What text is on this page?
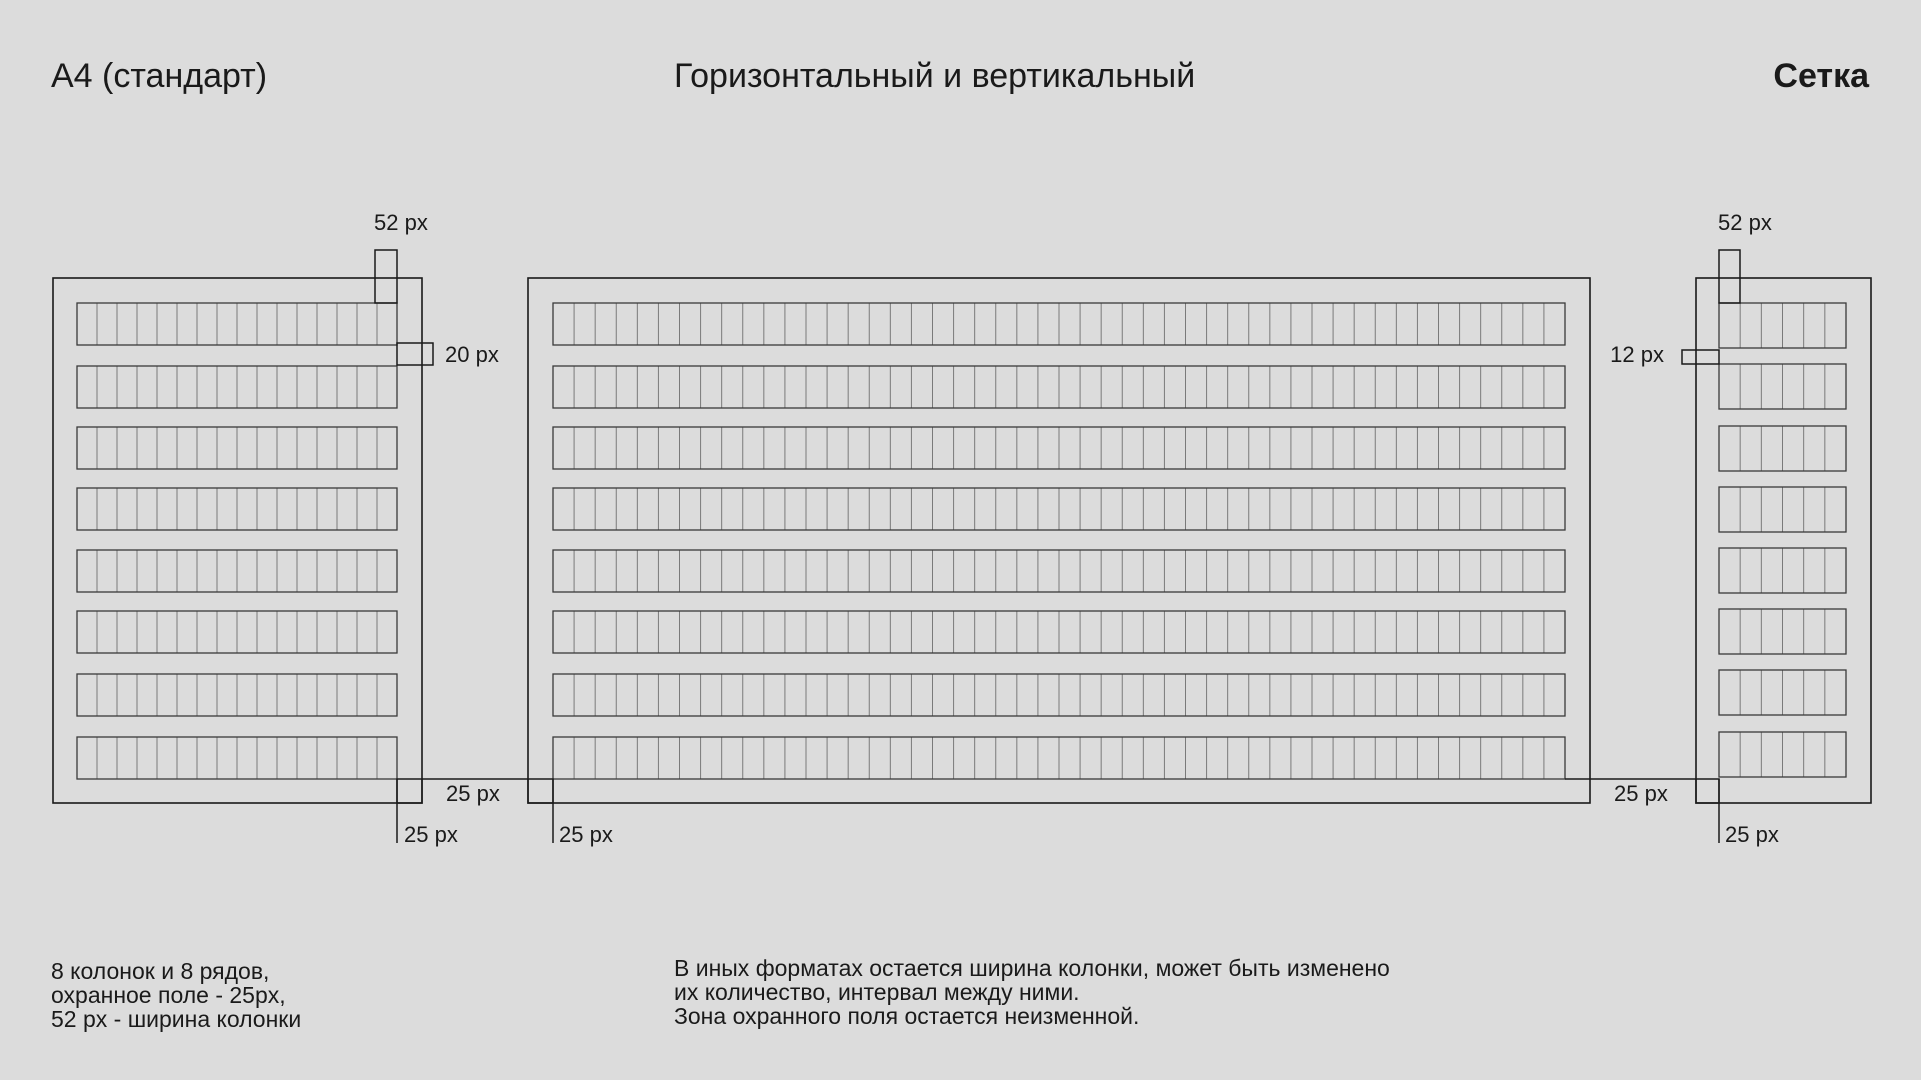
A4 (стандарт)	Горизонтальный и вертикальный	Сетка
52 px
20 px
25 px
25 px	25 px
25 px
52 px
12 px
25 px
8 колонок и 8 рядов,
охранное поле - 25px,
52 px - ширина колонки
В иных форматах остается ширина колонки, может быть изменено
их количество, интервал между ними.
Зона охранного поля остается неизменной.
